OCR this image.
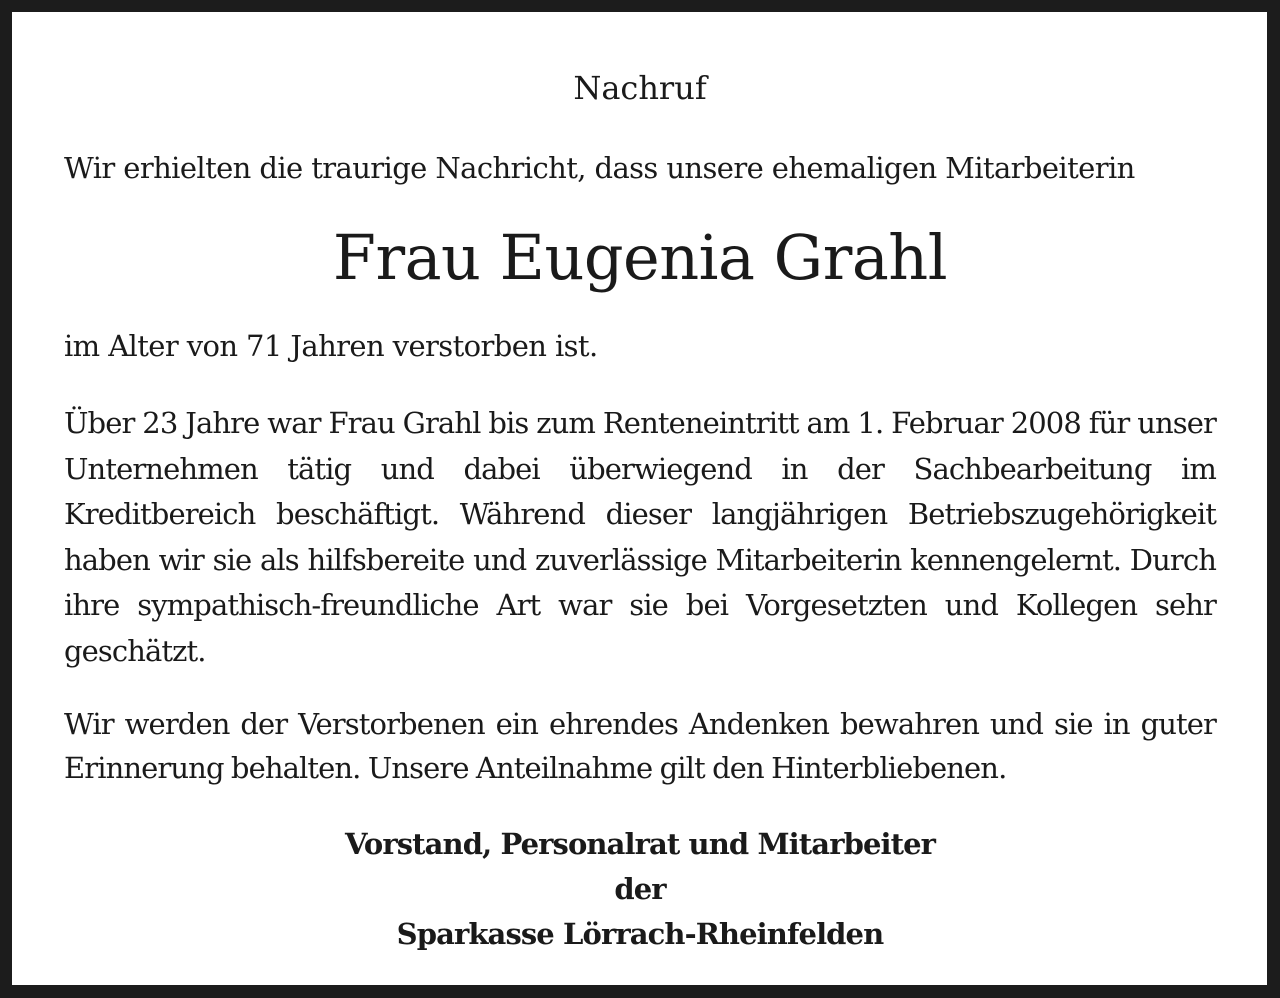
Nachruf

Wir erhielten die traurige Nachricht, dass unsere ehemaligen Mitarbeiterin

Frau Eugenia Grahl

im Alter von 71 Jahren verstorben ist.

Über 23 Jahre war Frau Grahl bis zum Renteneintritt am 1. Februar 2008 für unser Unternehmen tätig und dabei überwiegend in der Sachbearbeitung im Kreditbereich beschäftigt. Während dieser langjährigen Betriebszugehörigkeit haben wir sie als hilfsbereite und zuverlässige Mitarbeiterin kennengelernt. Durch ihre sympathisch-freundliche Art war sie bei Vorgesetzten und Kollegen sehr geschätzt.

Wir werden der Verstorbenen ein ehrendes Andenken bewahren und sie in guter Erinnerung behalten. Unsere Anteilnahme gilt den Hinterbliebenen.

Vorstand, Personalrat und Mitarbeiter
der
Sparkasse Lörrach-Rheinfelden
